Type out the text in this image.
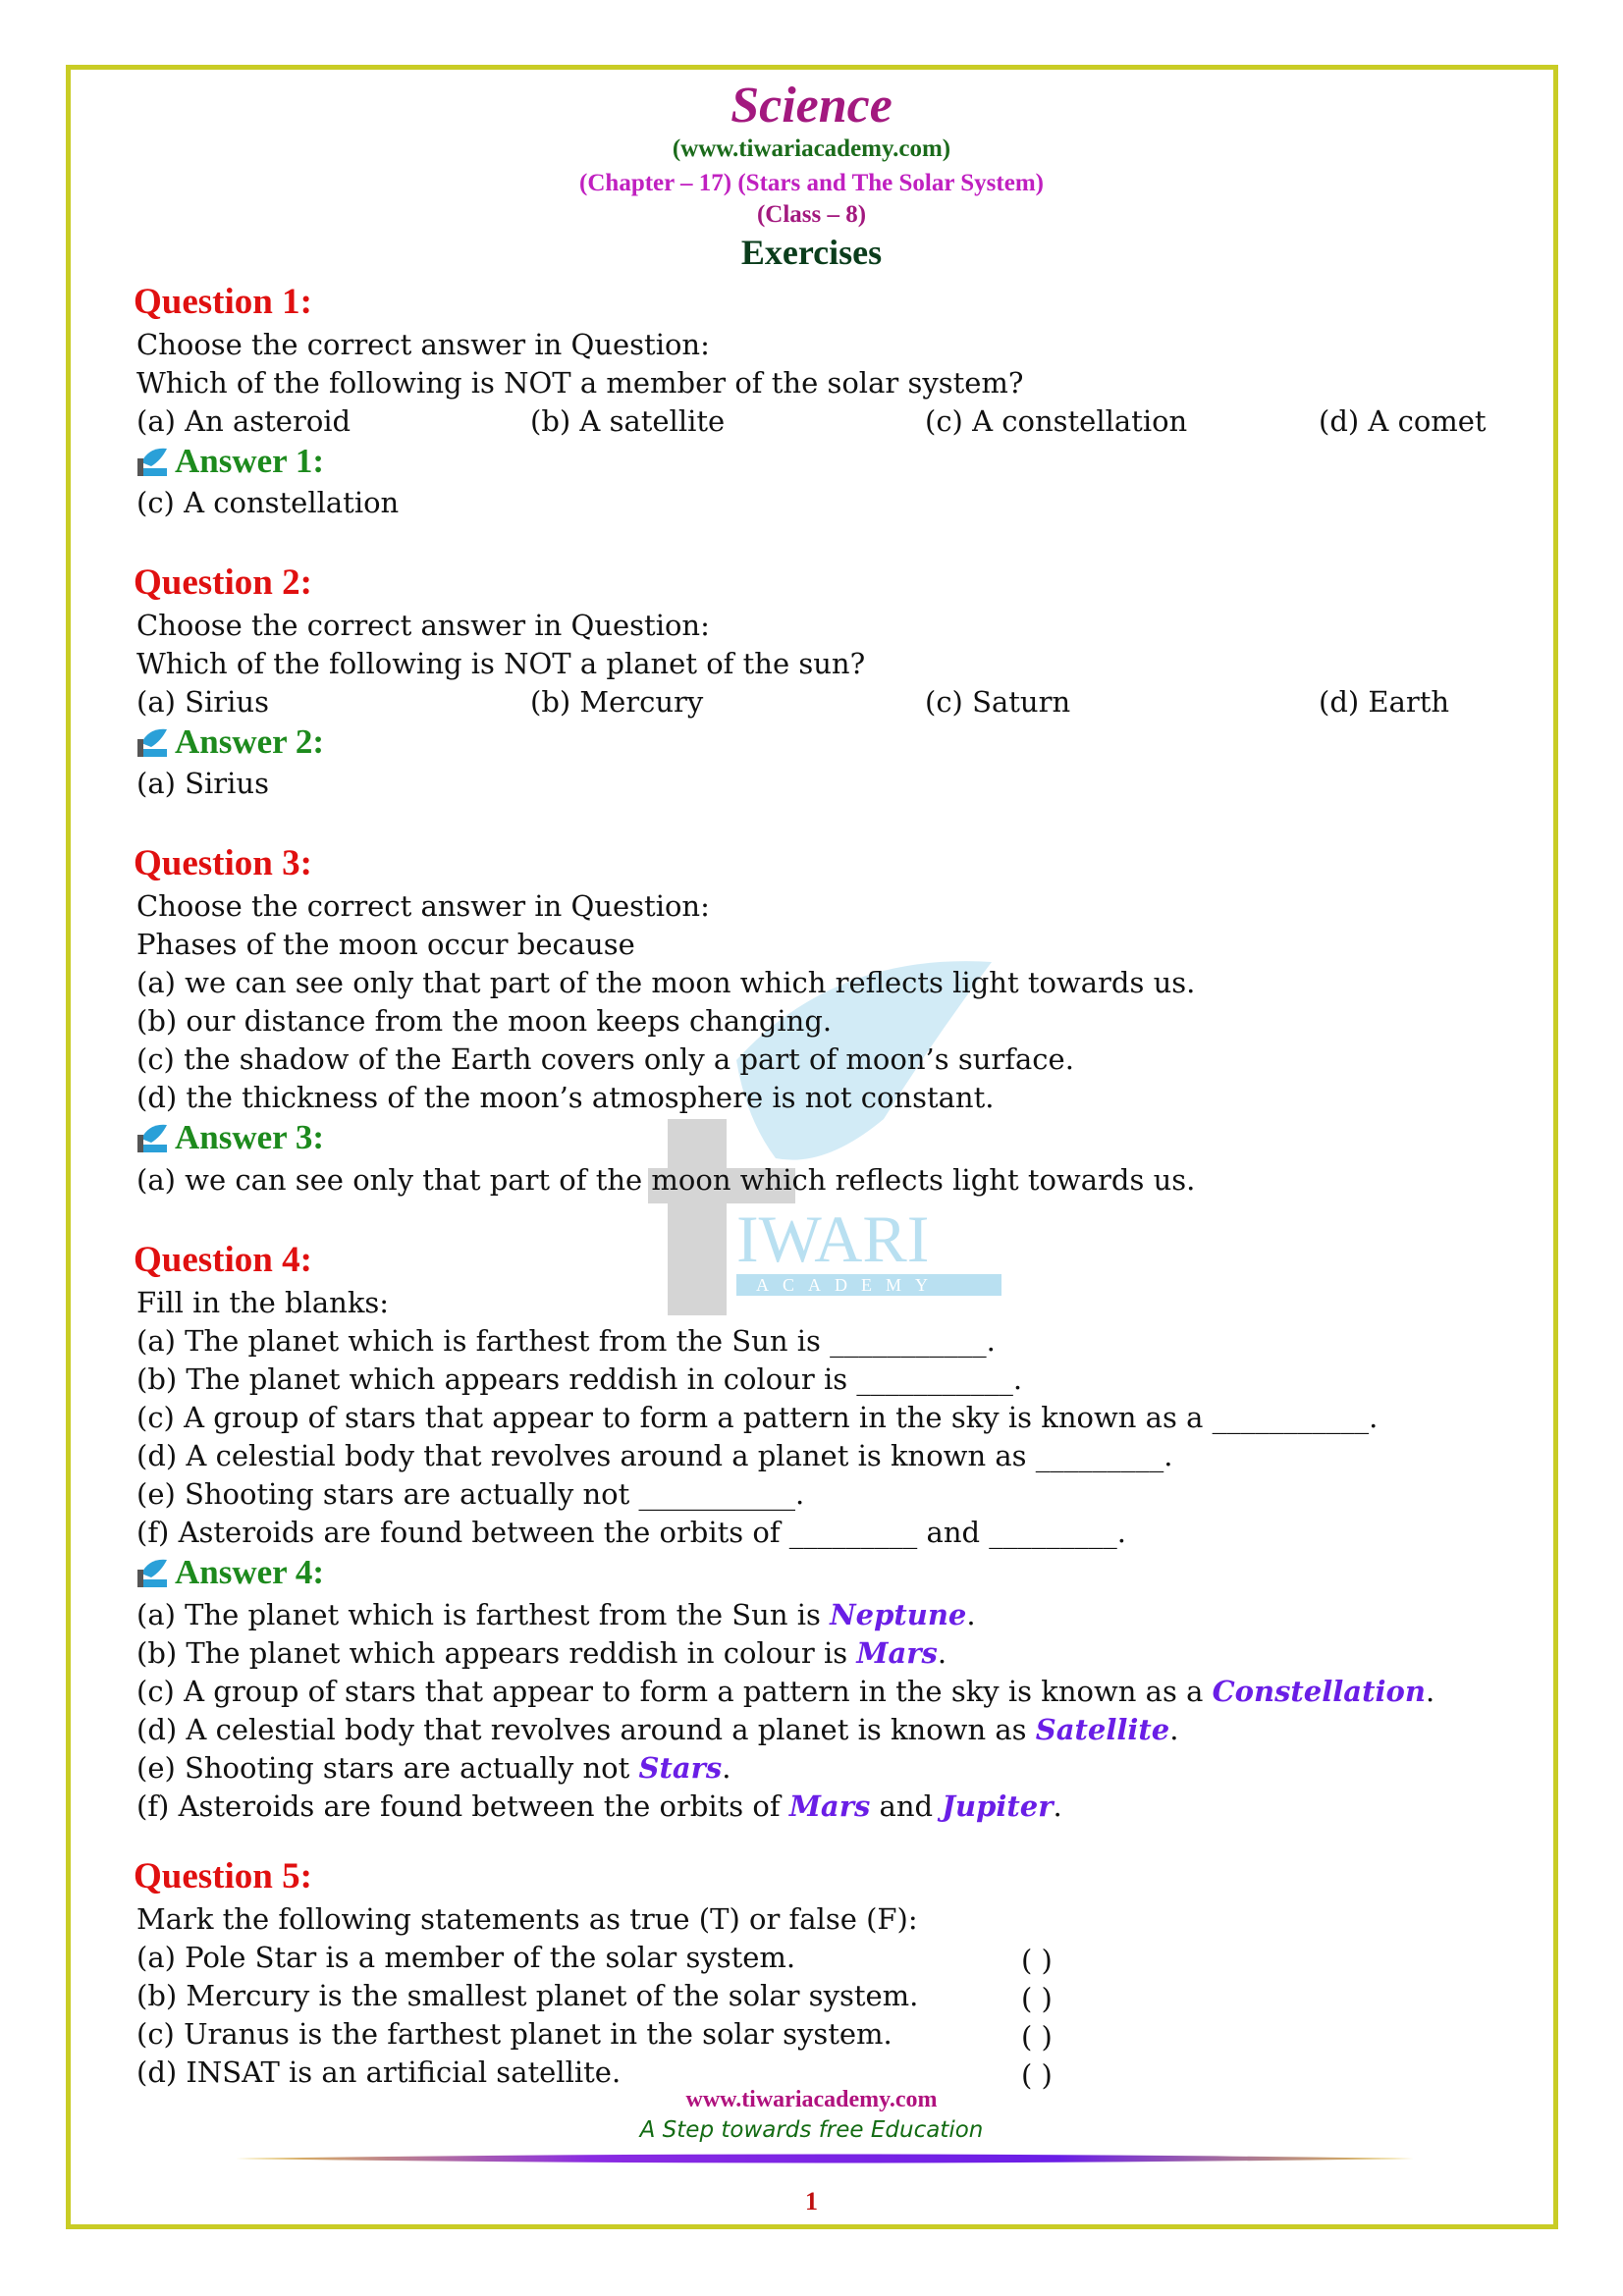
IWARI
ACADEMY
Science
(www.tiwariacademy.com)
(Chapter – 17) (Stars and The Solar System)
(Class – 8)
Exercises
Question 1:
Choose the correct answer in Question:
Which of the following is NOT a member of the solar system?
(a) An asteroid	(b) A satellite	(c) A constellation	(d) A comet
Answer 1:
(c) A constellation
Question 2:
Choose the correct answer in Question:
Which of the following is NOT a planet of the sun?
(a) Sirius	(b) Mercury	(c) Saturn	(d) Earth
Answer 2:
(a) Sirius
Question 3:
Choose the correct answer in Question:
Phases of the moon occur because
(a) we can see only that part of the moon which reflects light towards us.
(b) our distance from the moon keeps changing.
(c) the shadow of the Earth covers only a part of moon’s surface.
(d) the thickness of the moon’s atmosphere is not constant.
Answer 3:
(a) we can see only that part of the moon which reflects light towards us.
Question 4:
Fill in the blanks:
(a) The planet which is farthest from the Sun is ___________.
(b) The planet which appears reddish in colour is ___________.
(c) A group of stars that appear to form a pattern in the sky is known as a ___________.
(d) A celestial body that revolves around a planet is known as _________.
(e) Shooting stars are actually not ___________.
(f) Asteroids are found between the orbits of _________ and _________.
Answer 4:
(a) The planet which is farthest from the Sun is Neptune.
(b) The planet which appears reddish in colour is Mars.
(c) A group of stars that appear to form a pattern in the sky is known as a Constellation.
(d) A celestial body that revolves around a planet is known as Satellite.
(e) Shooting stars are actually not Stars.
(f) Asteroids are found between the orbits of Mars and Jupiter.
Question 5:
Mark the following statements as true (T) or false (F):
(a) Pole Star is a member of the solar system.	( )
(b) Mercury is the smallest planet of the solar system.	( )
(c) Uranus is the farthest planet in the solar system.	( )
(d) INSAT is an artificial satellite.	( )
www.tiwariacademy.com
A Step towards free Education
1
